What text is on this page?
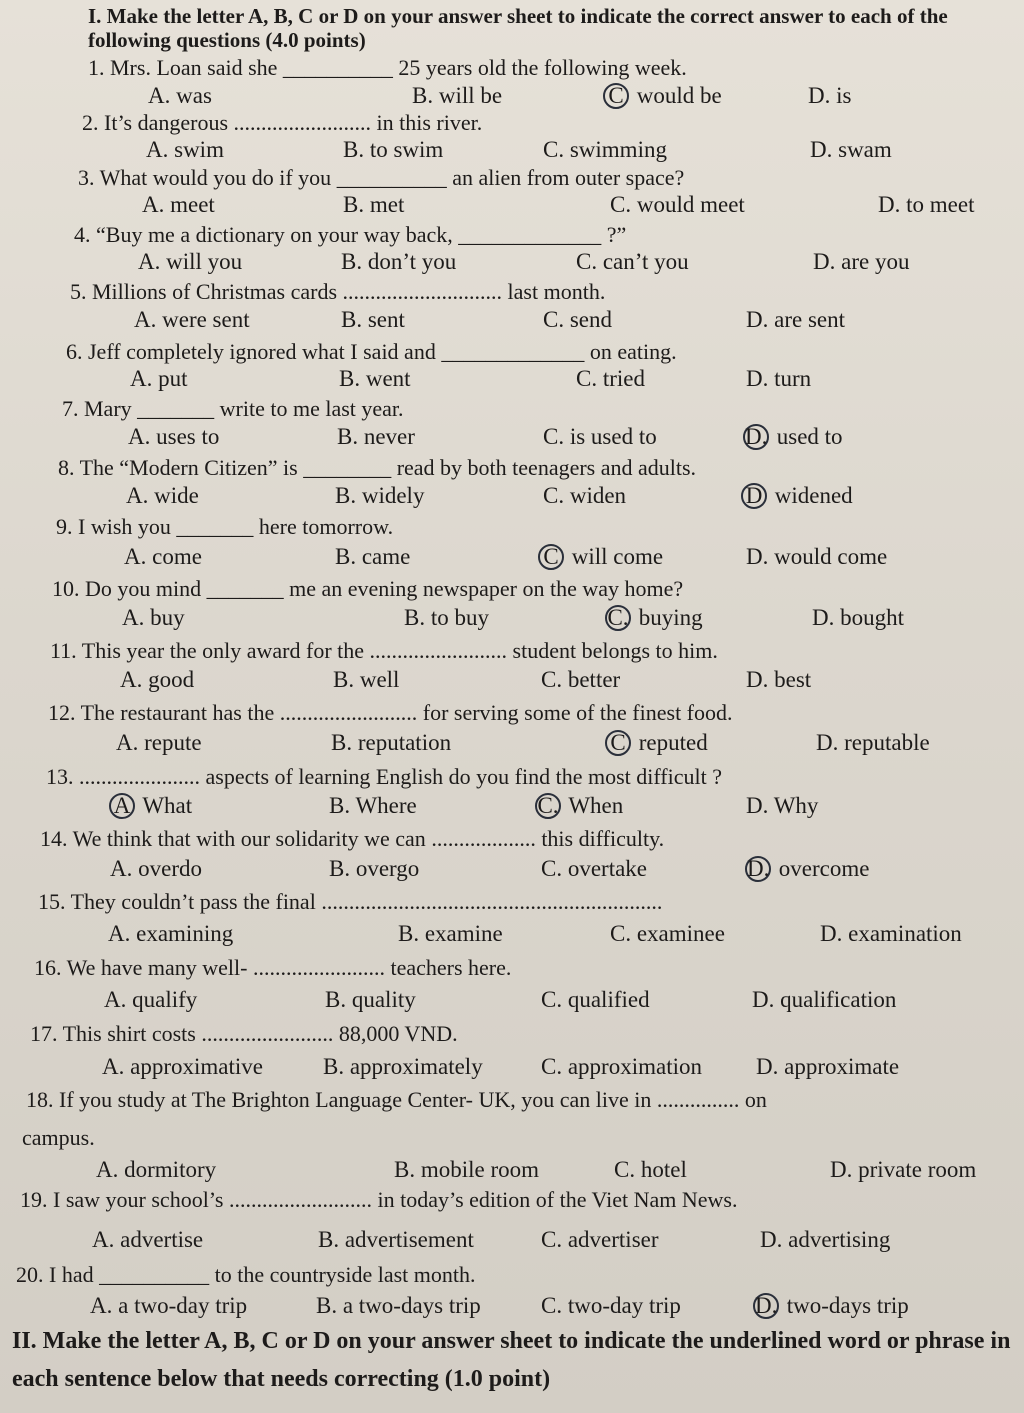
I. Make the letter A, B, C or D on your answer sheet to indicate the correct answer to each of the following questions (4.0 points)
1. Mrs. Loan said she __________ 25 years old the following week.
A. was	B. will be	C would be	D. is
2. It’s dangerous ......................... in this river.
A. swim	B. to swim	C. swimming	D. swam
3. What would you do if you __________ an alien from outer space?
A. meet	B. met	C. would meet	D. to meet
4. “Buy me a dictionary on your way back, _____________ ?”
A. will you	B. don’t you	C. can’t you	D. are you
5. Millions of Christmas cards ............................. last month.
A. were sent	B. sent	C. send	D. are sent
6. Jeff completely ignored what I said and _____________ on eating.
A. put	B. went	C. tried	D. turn
7. Mary _______ write to me last year.
A. uses to	B. never	C. is used to	D. used to
8. The “Modern Citizen” is ________ read by both teenagers and adults.
A. wide	B. widely	C. widen	D widened
9. I wish you _______ here tomorrow.
A. come	B. came	C will come	D. would come
10. Do you mind _______ me an evening newspaper on the way home?
A. buy	B. to buy	C. buying	D. bought
11. This year the only award for the ......................... student belongs to him.
A. good	B. well	C. better	D. best
12. The restaurant has the ......................... for serving some of the finest food.
A. repute	B. reputation	C reputed	D. reputable
13. ...................... aspects of learning English do you find the most difficult ?
A What	B. Where	C. When	D. Why
14. We think that with our solidarity we can ................... this difficulty.
A. overdo	B. overgo	C. overtake	D. overcome
15. They couldn’t pass the final ..............................................................
A. examining	B. examine	C. examinee	D. examination
16. We have many well- ........................ teachers here.
A. qualify	B. quality	C. qualified	D. qualification
17. This shirt costs ........................ 88,000 VND.
A. approximative	B. approximately	C. approximation D. approximate
18. If you study at The Brighton Language Center- UK, you can live in ............... on
campus.
A. dormitory	B. mobile room	C. hotel	D. private room
19. I saw your school’s .......................... in today’s edition of the Viet Nam News.
A. advertise	B. advertisement	C. advertiser	D. advertising
20. I had __________ to the countryside last month.
A. a two-day trip	B. a two-days trip	C. two-day trip	D. two-days trip
II. Make the letter A, B, C or D on your answer sheet to indicate the underlined word or phrase in each sentence below that needs correcting (1.0 point)
